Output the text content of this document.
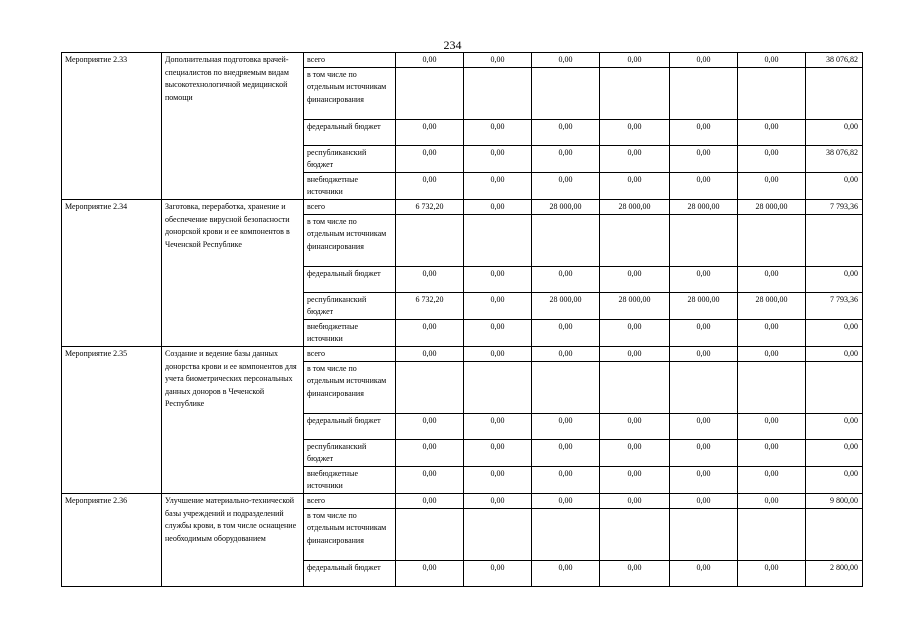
234
Мероприятие 2.33	Дополнительная подготовка врачей-специалистов по внедряемым видам высокотехнологичной медицинской помощи	всего	0,00	0,00	0,00	0,00	0,00	0,00	38 076,82
		в том числе по отдельным источникам финансирования							
		федеральный бюджет	0,00	0,00	0,00	0,00	0,00	0,00	0,00
		республиканский бюджет	0,00	0,00	0,00	0,00	0,00	0,00	38 076,82
		внебюджетные источники	0,00	0,00	0,00	0,00	0,00	0,00	0,00
Мероприятие 2.34	Заготовка, переработка, хранение и обеспечение вирусной безопасности донорской крови и ее компонентов в Чеченской Республике	всего	6 732,20	0,00	28 000,00	28 000,00	28 000,00	28 000,00	7 793,36
		в том числе по отдельным источникам финансирования							
		федеральный бюджет	0,00	0,00	0,00	0,00	0,00	0,00	0,00
		республиканский бюджет	6 732,20	0,00	28 000,00	28 000,00	28 000,00	28 000,00	7 793,36
		внебюджетные источники	0,00	0,00	0,00	0,00	0,00	0,00	0,00
Мероприятие 2.35	Создание и ведение базы данных донорства крови и ее компонентов для учета биометрических персональных данных доноров в Чеченской Республике	всего	0,00	0,00	0,00	0,00	0,00	0,00	0,00
		в том числе по отдельным источникам финансирования							
		федеральный бюджет	0,00	0,00	0,00	0,00	0,00	0,00	0,00
		республиканский бюджет	0,00	0,00	0,00	0,00	0,00	0,00	0,00
		внебюджетные источники	0,00	0,00	0,00	0,00	0,00	0,00	0,00
Мероприятие 2.36	Улучшение материально-технической базы учреждений и подразделений службы крови, в том числе оснащение необходимым оборудованием	всего	0,00	0,00	0,00	0,00	0,00	0,00	9 800,00
		в том числе по отдельным источникам финансирования							
		федеральный бюджет	0,00	0,00	0,00	0,00	0,00	0,00	2 800,00
